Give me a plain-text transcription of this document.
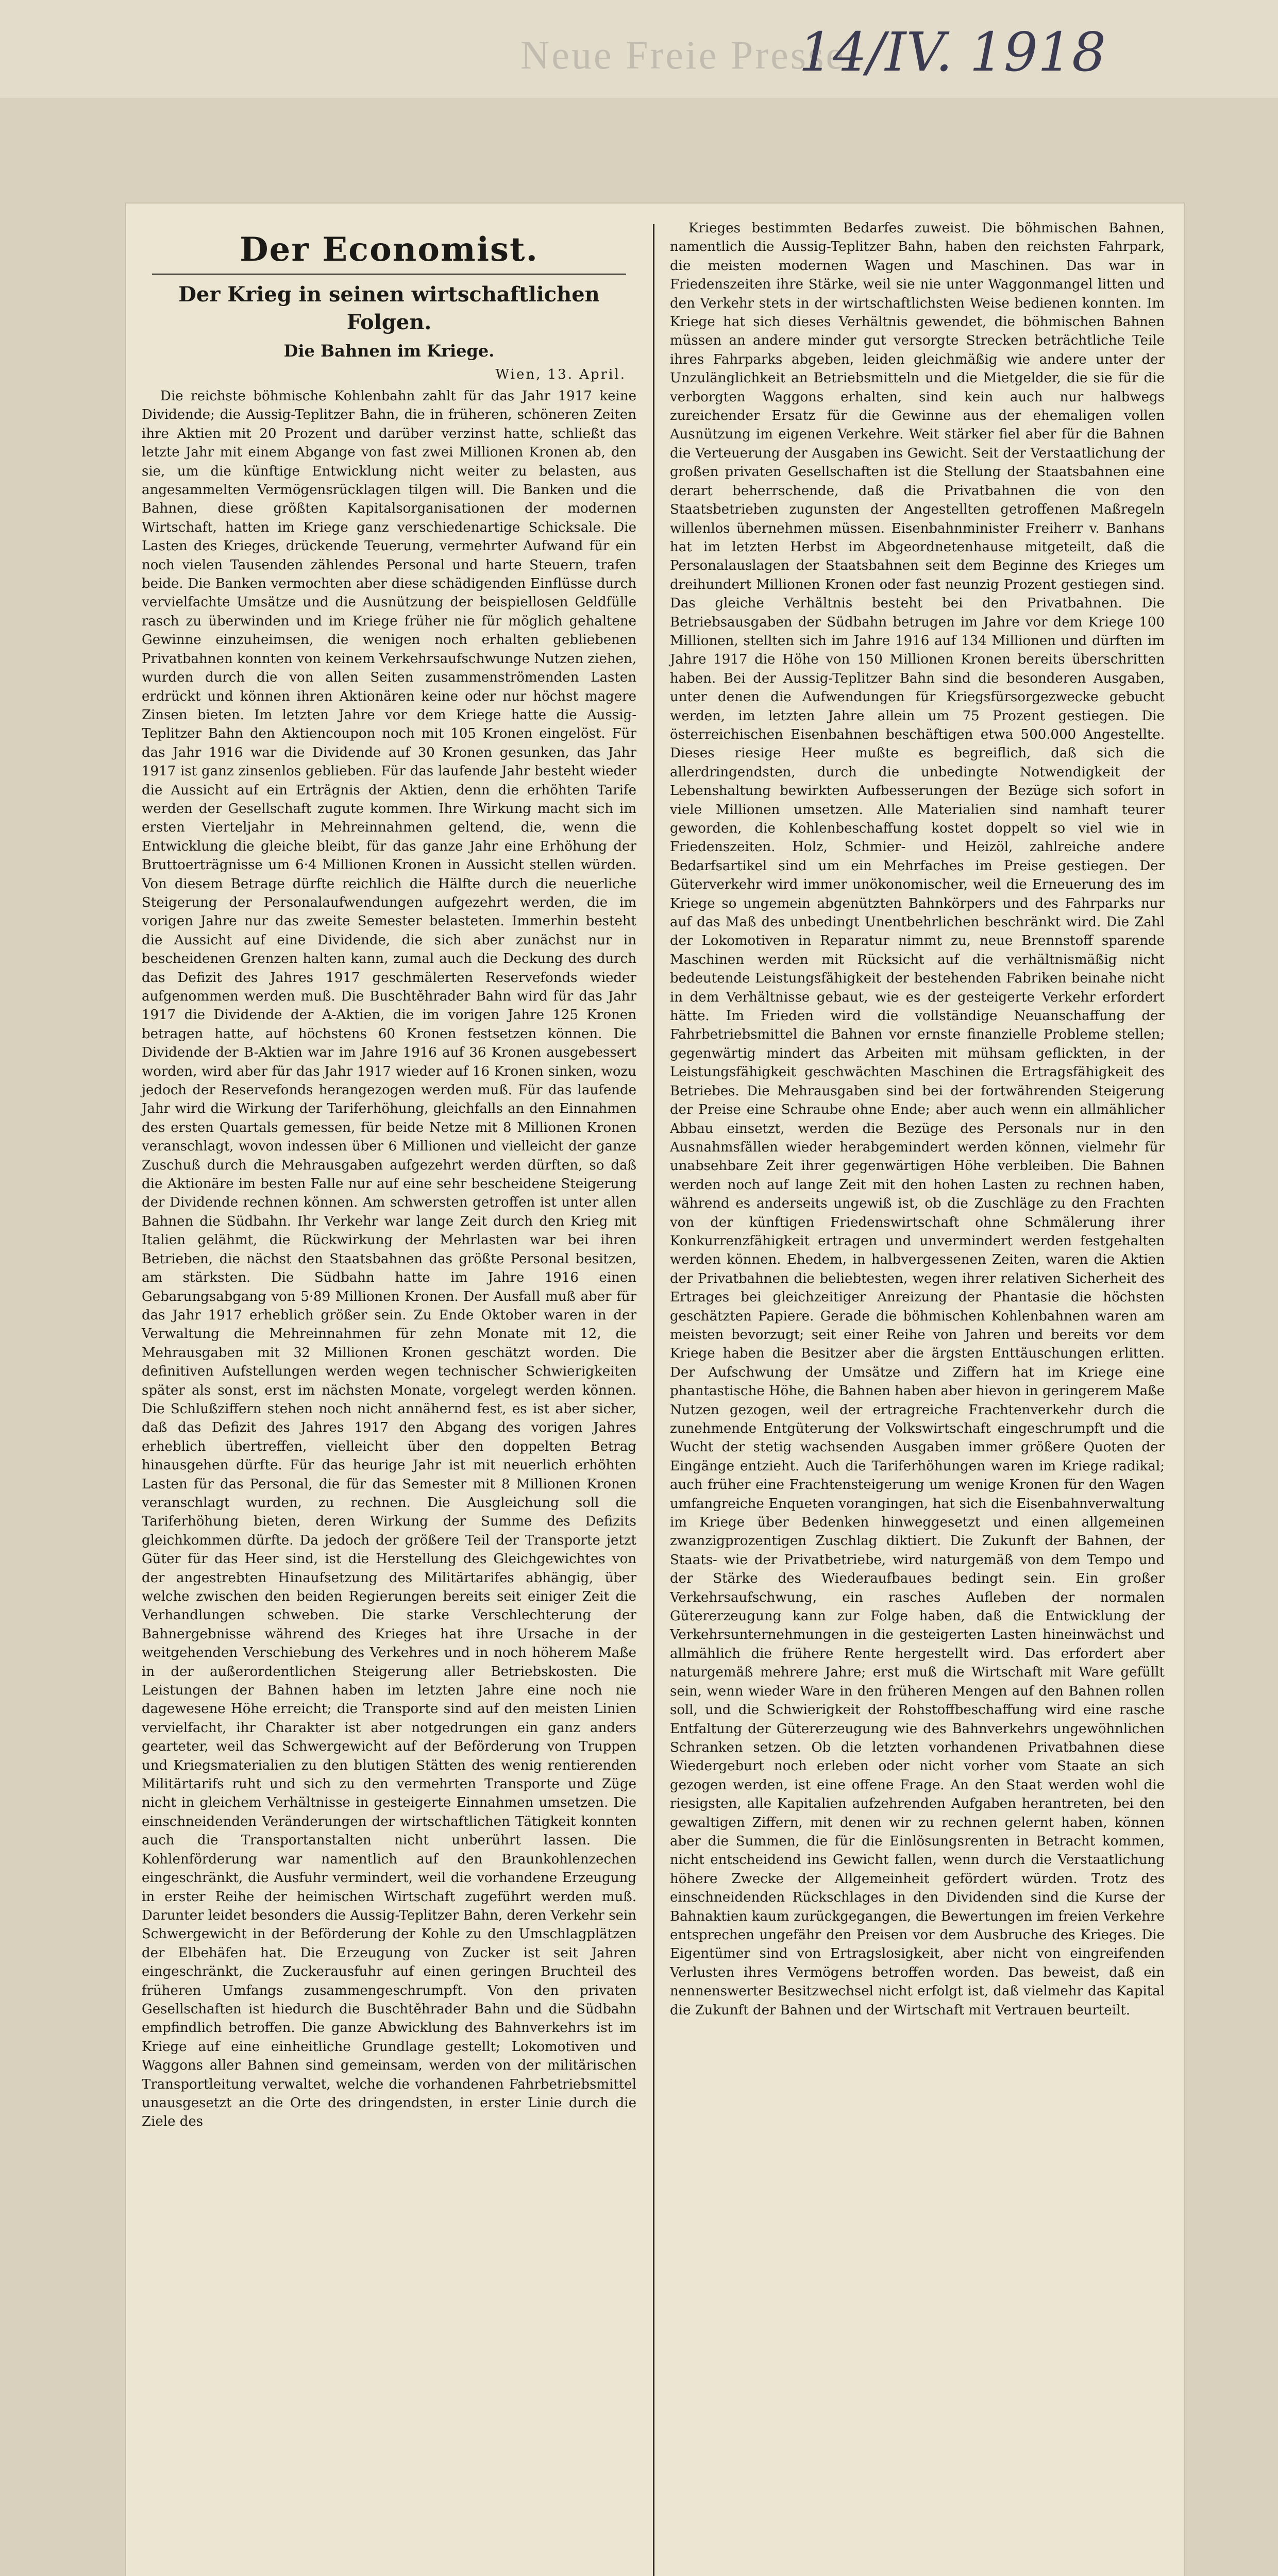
Neue Freie Presse
14/IV. 1918
Der Economist.
Der Krieg in seinen wirtschaftlichen Folgen.
Die Bahnen im Kriege.
Wien, 13. April.
Die reichste böhmische Kohlenbahn zahlt für das Jahr 1917 keine Dividende; die Aussig-Teplitzer Bahn, die in früheren, schöneren Zeiten ihre Aktien mit 20 Prozent und darüber verzinst hatte, schließt das letzte Jahr mit einem Abgange von fast zwei Millionen Kronen ab, den sie, um die künftige Entwicklung nicht weiter zu belasten, aus angesammelten Vermögensrücklagen tilgen will. Die Banken und die Bahnen, diese größten Kapitalsorganisationen der modernen Wirtschaft, hatten im Kriege ganz verschiedenartige Schicksale. Die Lasten des Krieges, drückende Teuerung, vermehrter Aufwand für ein noch vielen Tausenden zählendes Personal und harte Steuern, trafen beide. Die Banken vermochten aber diese schädigenden Einflüsse durch vervielfachte Umsätze und die Ausnützung der beispiellosen Geldfülle rasch zu überwinden und im Kriege früher nie für möglich gehaltene Gewinne einzuheimsen, die wenigen noch erhalten gebliebenen Privatbahnen konnten von keinem Verkehrsaufschwunge Nutzen ziehen, wurden durch die von allen Seiten zusammenströmenden Lasten erdrückt und können ihren Aktionären keine oder nur höchst magere Zinsen bieten. Im letzten Jahre vor dem Kriege hatte die Aussig-Teplitzer Bahn den Aktiencoupon noch mit 105 Kronen eingelöst. Für das Jahr 1916 war die Dividende auf 30 Kronen gesunken, das Jahr 1917 ist ganz zinsenlos geblieben. Für das laufende Jahr besteht wieder die Aussicht auf ein Erträgnis der Aktien, denn die erhöhten Tarife werden der Gesellschaft zugute kommen. Ihre Wirkung macht sich im ersten Vierteljahr in Mehreinnahmen geltend, die, wenn die Entwicklung die gleiche bleibt, für das ganze Jahr eine Erhöhung der Bruttoerträgnisse um 6·4 Millionen Kronen in Aussicht stellen würden. Von diesem Betrage dürfte reichlich die Hälfte durch die neuerliche Steigerung der Personalaufwendungen aufgezehrt werden, die im vorigen Jahre nur das zweite Semester belasteten. Immerhin besteht die Aussicht auf eine Dividende, die sich aber zunächst nur in bescheidenen Grenzen halten kann, zumal auch die Deckung des durch das Defizit des Jahres 1917 geschmälerten Reservefonds wieder aufgenommen werden muß. Die Buschtěhrader Bahn wird für das Jahr 1917 die Dividende der A-Aktien, die im vorigen Jahre 125 Kronen betragen hatte, auf höchstens 60 Kronen festsetzen können. Die Dividende der B-Aktien war im Jahre 1916 auf 36 Kronen ausgebessert worden, wird aber für das Jahr 1917 wieder auf 16 Kronen sinken, wozu jedoch der Reservefonds herangezogen werden muß. Für das laufende Jahr wird die Wirkung der Tariferhöhung, gleichfalls an den Einnahmen des ersten Quartals gemessen, für beide Netze mit 8 Millionen Kronen veranschlagt, wovon indessen über 6 Millionen und vielleicht der ganze Zuschuß durch die Mehrausgaben aufgezehrt werden dürften, so daß die Aktionäre im besten Falle nur auf eine sehr bescheidene Steigerung der Dividende rechnen können. Am schwersten getroffen ist unter allen Bahnen die Südbahn. Ihr Verkehr war lange Zeit durch den Krieg mit Italien gelähmt, die Rückwirkung der Mehrlasten war bei ihren Betrieben, die nächst den Staatsbahnen das größte Personal besitzen, am stärksten. Die Südbahn hatte im Jahre 1916 einen Gebarungsabgang von 5·89 Millionen Kronen. Der Ausfall muß aber für das Jahr 1917 erheblich größer sein. Zu Ende Oktober waren in der Verwaltung die Mehreinnahmen für zehn Monate mit 12, die Mehrausgaben mit 32 Millionen Kronen geschätzt worden. Die definitiven Aufstellungen werden wegen technischer Schwierigkeiten später als sonst, erst im nächsten Monate, vorgelegt werden können. Die Schlußziffern stehen noch nicht annähernd fest, es ist aber sicher, daß das Defizit des Jahres 1917 den Abgang des vorigen Jahres erheblich übertreffen, vielleicht über den doppelten Betrag hinausgehen dürfte. Für das heurige Jahr ist mit neuerlich erhöhten Lasten für das Personal, die für das Semester mit 8 Millionen Kronen veranschlagt wurden, zu rechnen. Die Ausgleichung soll die Tariferhöhung bieten, deren Wirkung der Summe des Defizits gleichkommen dürfte. Da jedoch der größere Teil der Transporte jetzt Güter für das Heer sind, ist die Herstellung des Gleichgewichtes von der angestrebten Hinaufsetzung des Militärtarifes abhängig, über welche zwischen den beiden Regierungen bereits seit einiger Zeit die Verhandlungen schweben. Die starke Verschlechterung der Bahnergebnisse während des Krieges hat ihre Ursache in der weitgehenden Verschiebung des Verkehres und in noch höherem Maße in der außerordentlichen Steigerung aller Betriebskosten. Die Leistungen der Bahnen haben im letzten Jahre eine noch nie dagewesene Höhe erreicht; die Transporte sind auf den meisten Linien vervielfacht, ihr Charakter ist aber notgedrungen ein ganz anders gearteter, weil das Schwergewicht auf der Beförderung von Truppen und Kriegsmaterialien zu den blutigen Stätten des wenig rentierenden Militärtarifs ruht und sich zu den vermehrten Transporte und Züge nicht in gleichem Verhältnisse in gesteigerte Einnahmen umsetzen. Die einschneidenden Veränderungen der wirtschaftlichen Tätigkeit konnten auch die Transportanstalten nicht unberührt lassen. Die Kohlenförderung war namentlich auf den Braunkohlenzechen eingeschränkt, die Ausfuhr vermindert, weil die vorhandene Erzeugung in erster Reihe der heimischen Wirtschaft zugeführt werden muß. Darunter leidet besonders die Aussig-Teplitzer Bahn, deren Verkehr sein Schwergewicht in der Beförderung der Kohle zu den Umschlagplätzen der Elbehäfen hat. Die Erzeugung von Zucker ist seit Jahren eingeschränkt, die Zuckerausfuhr auf einen geringen Bruchteil des früheren Umfangs zusammengeschrumpft. Von den privaten Gesellschaften ist hiedurch die Buschtěhrader Bahn und die Südbahn empfindlich betroffen. Die ganze Abwicklung des Bahnverkehrs ist im Kriege auf eine einheitliche Grundlage gestellt; Lokomotiven und Waggons aller Bahnen sind gemeinsam, werden von der militärischen Transportleitung verwaltet, welche die vorhandenen Fahrbetriebsmittel unausgesetzt an die Orte des dringendsten, in erster Linie durch die Ziele des
Krieges bestimmten Bedarfes zuweist. Die böhmischen Bahnen, namentlich die Aussig-Teplitzer Bahn, haben den reichsten Fahrpark, die meisten modernen Wagen und Maschinen. Das war in Friedenszeiten ihre Stärke, weil sie nie unter Waggonmangel litten und den Verkehr stets in der wirtschaftlichsten Weise bedienen konnten. Im Kriege hat sich dieses Verhältnis gewendet, die böhmischen Bahnen müssen an andere minder gut versorgte Strecken beträchtliche Teile ihres Fahrparks abgeben, leiden gleichmäßig wie andere unter der Unzulänglichkeit an Betriebsmitteln und die Mietgelder, die sie für die verborgten Waggons erhalten, sind kein auch nur halbwegs zureichender Ersatz für die Gewinne aus der ehemaligen vollen Ausnützung im eigenen Verkehre. Weit stärker fiel aber für die Bahnen die Verteuerung der Ausgaben ins Gewicht. Seit der Verstaatlichung der großen privaten Gesellschaften ist die Stellung der Staatsbahnen eine derart beherrschende, daß die Privatbahnen die von den Staatsbetrieben zugunsten der Angestellten getroffenen Maßregeln willenlos übernehmen müssen. Eisenbahnminister Freiherr v. Banhans hat im letzten Herbst im Abgeordnetenhause mitgeteilt, daß die Personalauslagen der Staatsbahnen seit dem Beginne des Krieges um dreihundert Millionen Kronen oder fast neunzig Prozent gestiegen sind. Das gleiche Verhältnis besteht bei den Privatbahnen. Die Betriebsausgaben der Südbahn betrugen im Jahre vor dem Kriege 100 Millionen, stellten sich im Jahre 1916 auf 134 Millionen und dürften im Jahre 1917 die Höhe von 150 Millionen Kronen bereits überschritten haben. Bei der Aussig-Teplitzer Bahn sind die besonderen Ausgaben, unter denen die Aufwendungen für Kriegsfürsorgezwecke gebucht werden, im letzten Jahre allein um 75 Prozent gestiegen. Die österreichischen Eisenbahnen beschäftigen etwa 500.000 Angestellte. Dieses riesige Heer mußte es begreiflich, daß sich die allerdringendsten, durch die unbedingte Notwendigkeit der Lebenshaltung bewirkten Aufbesserungen der Bezüge sich sofort in viele Millionen umsetzen. Alle Materialien sind namhaft teurer geworden, die Kohlenbeschaffung kostet doppelt so viel wie in Friedenszeiten. Holz, Schmier- und Heizöl, zahlreiche andere Bedarfsartikel sind um ein Mehrfaches im Preise gestiegen. Der Güterverkehr wird immer unökonomischer, weil die Erneuerung des im Kriege so ungemein abgenützten Bahnkörpers und des Fahrparks nur auf das Maß des unbedingt Unentbehrlichen beschränkt wird. Die Zahl der Lokomotiven in Reparatur nimmt zu, neue Brennstoff sparende Maschinen werden mit Rücksicht auf die verhältnismäßig nicht bedeutende Leistungsfähigkeit der bestehenden Fabriken beinahe nicht in dem Verhältnisse gebaut, wie es der gesteigerte Verkehr erfordert hätte. Im Frieden wird die vollständige Neuanschaffung der Fahrbetriebsmittel die Bahnen vor ernste finanzielle Probleme stellen; gegenwärtig mindert das Arbeiten mit mühsam geflickten, in der Leistungsfähigkeit geschwächten Maschinen die Ertragsfähigkeit des Betriebes. Die Mehrausgaben sind bei der fortwährenden Steigerung der Preise eine Schraube ohne Ende; aber auch wenn ein allmählicher Abbau einsetzt, werden die Bezüge des Personals nur in den Ausnahmsfällen wieder herabgemindert werden können, vielmehr für unabsehbare Zeit ihrer gegenwärtigen Höhe verbleiben. Die Bahnen werden noch auf lange Zeit mit den hohen Lasten zu rechnen haben, während es anderseits ungewiß ist, ob die Zuschläge zu den Frachten von der künftigen Friedenswirtschaft ohne Schmälerung ihrer Konkurrenzfähigkeit ertragen und unvermindert werden festgehalten werden können. Ehedem, in halbvergessenen Zeiten, waren die Aktien der Privatbahnen die beliebtesten, wegen ihrer relativen Sicherheit des Ertrages bei gleichzeitiger Anreizung der Phantasie die höchsten geschätzten Papiere. Gerade die böhmischen Kohlenbahnen waren am meisten bevorzugt; seit einer Reihe von Jahren und bereits vor dem Kriege haben die Besitzer aber die ärgsten Enttäuschungen erlitten. Der Aufschwung der Umsätze und Ziffern hat im Kriege eine phantastische Höhe, die Bahnen haben aber hievon in geringerem Maße Nutzen gezogen, weil der ertragreiche Frachtenverkehr durch die zunehmende Entgüterung der Volkswirtschaft eingeschrumpft und die Wucht der stetig wachsenden Ausgaben immer größere Quoten der Eingänge entzieht. Auch die Tariferhöhungen waren im Kriege radikal; auch früher eine Frachtensteigerung um wenige Kronen für den Wagen umfangreiche Enqueten vorangingen, hat sich die Eisenbahnverwaltung im Kriege über Bedenken hinweggesetzt und einen allgemeinen zwanzigprozentigen Zuschlag diktiert. Die Zukunft der Bahnen, der Staats- wie der Privatbetriebe, wird naturgemäß von dem Tempo und der Stärke des Wiederaufbaues bedingt sein. Ein großer Verkehrsaufschwung, ein rasches Aufleben der normalen Gütererzeugung kann zur Folge haben, daß die Entwicklung der Verkehrsunternehmungen in die gesteigerten Lasten hineinwächst und allmählich die frühere Rente hergestellt wird. Das erfordert aber naturgemäß mehrere Jahre; erst muß die Wirtschaft mit Ware gefüllt sein, wenn wieder Ware in den früheren Mengen auf den Bahnen rollen soll, und die Schwierigkeit der Rohstoffbeschaffung wird eine rasche Entfaltung der Gütererzeugung wie des Bahnverkehrs ungewöhnlichen Schranken setzen. Ob die letzten vorhandenen Privatbahnen diese Wiedergeburt noch erleben oder nicht vorher vom Staate an sich gezogen werden, ist eine offene Frage. An den Staat werden wohl die riesigsten, alle Kapitalien aufzehrenden Aufgaben herantreten, bei den gewaltigen Ziffern, mit denen wir zu rechnen gelernt haben, können aber die Summen, die für die Einlösungsrenten in Betracht kommen, nicht entscheidend ins Gewicht fallen, wenn durch die Verstaatlichung höhere Zwecke der Allgemeinheit gefördert würden. Trotz des einschneidenden Rückschlages in den Dividenden sind die Kurse der Bahnaktien kaum zurückgegangen, die Bewertungen im freien Verkehre entsprechen ungefähr den Preisen vor dem Ausbruche des Krieges. Die Eigentümer sind von Ertragslosigkeit, aber nicht von eingreifenden Verlusten ihres Vermögens betroffen worden. Das beweist, daß ein nennenswerter Besitzwechsel nicht erfolgt ist, daß vielmehr das Kapital die Zukunft der Bahnen und der Wirtschaft mit Vertrauen beurteilt.
